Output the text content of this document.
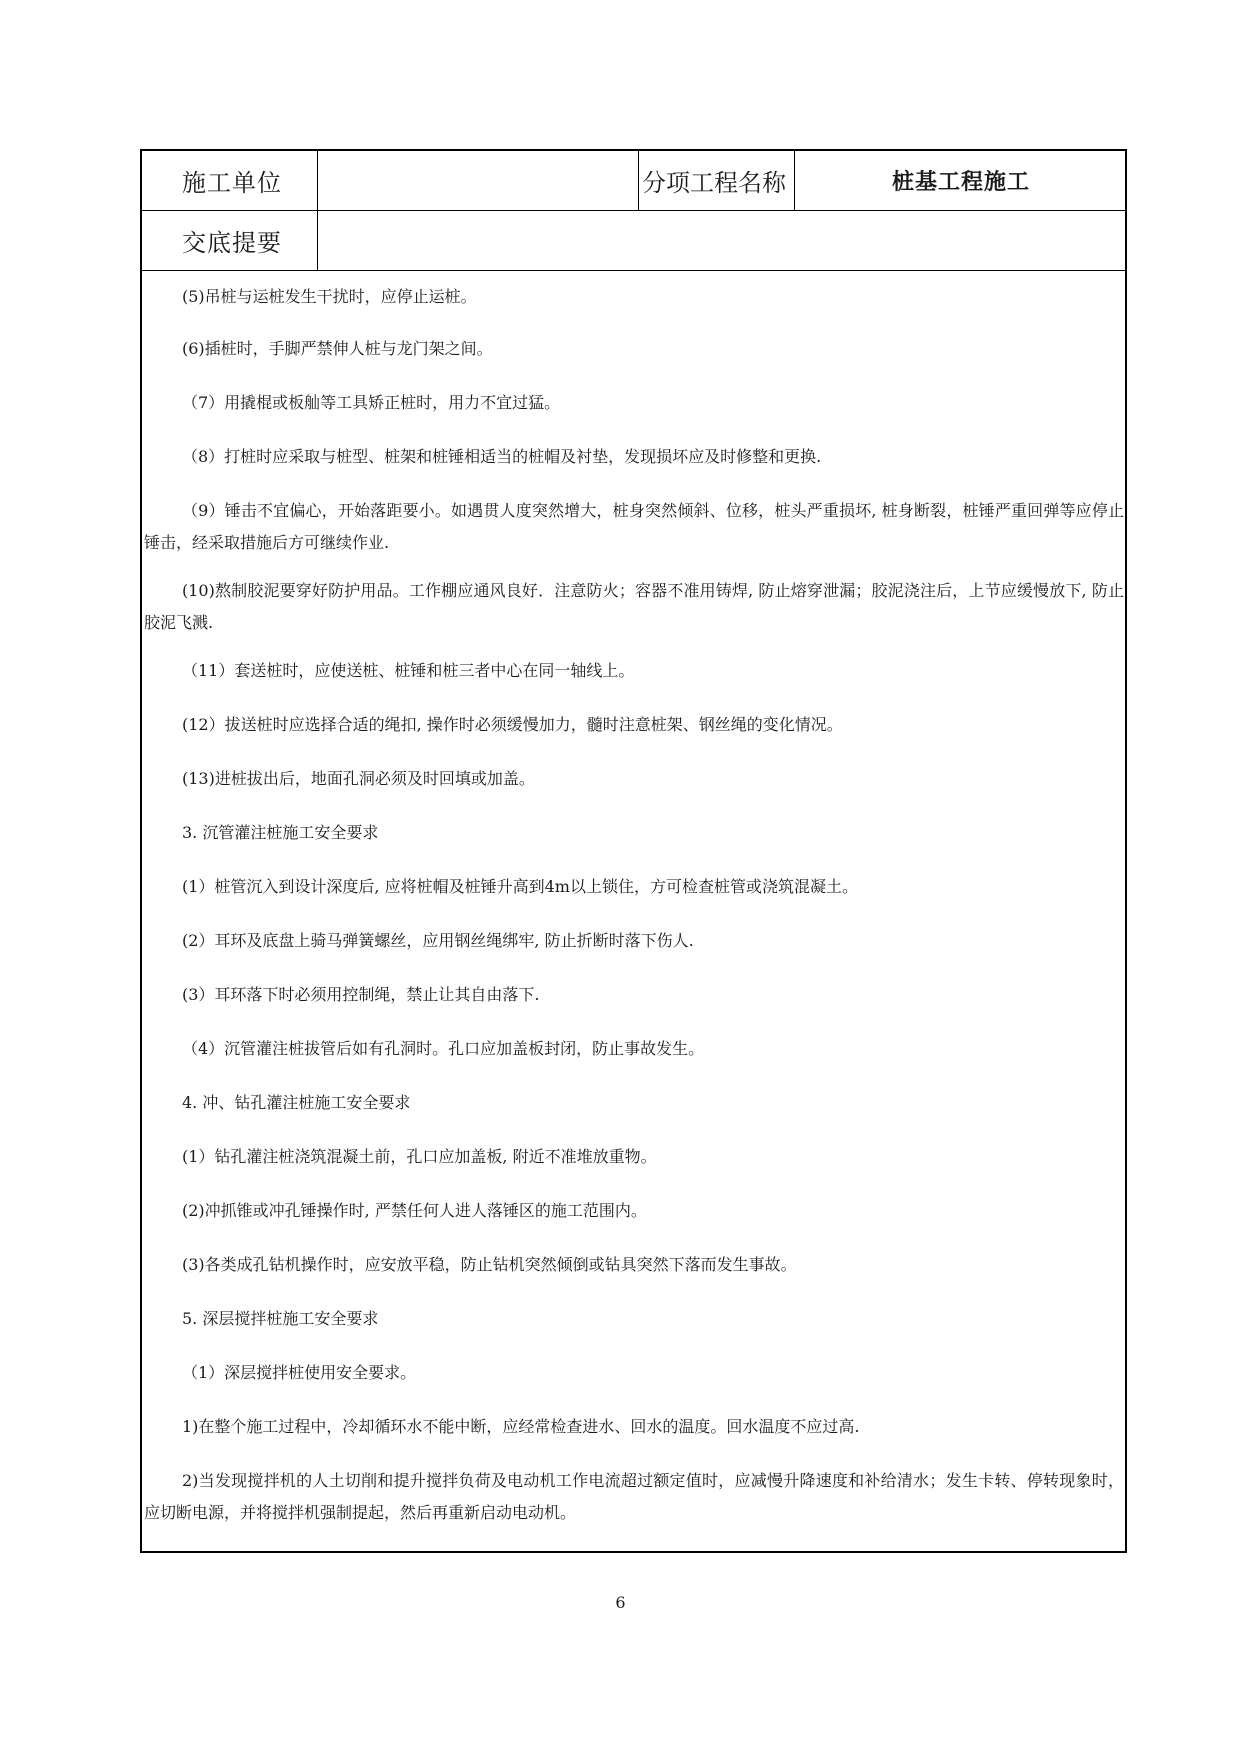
施工单位	分项工程名称	桩基工程施工
交底提要

(5)吊桩与运桩发生干扰时，应停止运桩。

(6)插桩时，手脚严禁伸人桩与龙门架之间。

（7）用撬棍或板舢等工具矫正桩时，用力不宜过猛。

（8）打桩时应采取与桩型、桩架和桩锤相适当的桩帽及衬垫，发现损坏应及时修整和更换.

（9）锤击不宜偏心，开始落距要小。如遇贯人度突然增大，桩身突然倾斜、位移，桩头严重损坏, 桩身断裂，桩锤严重回弹等应停止锤击，经采取措施后方可继续作业.

(10)熬制胶泥要穿好防护用品。工作棚应通风良好．注意防火；容器不准用铸焊, 防止熔穿泄漏；胶泥浇注后，上节应缓慢放下, 防止胶泥飞溅.

（11）套送桩时，应使送桩、桩锤和桩三者中心在同一轴线上。

(12）拔送桩时应选择合适的绳扣, 操作时必须缓慢加力，髓时注意桩架、钢丝绳的变化情况。

(13)进桩拔出后，地面孔洞必须及时回填或加盖。

3. 沉管灌注桩施工安全要求

(1）桩管沉入到设计深度后, 应将桩帽及桩锤升高到4m以上锁住，方可检查桩管或浇筑混凝土。

(2）耳环及底盘上骑马弹簧螺丝，应用钢丝绳绑牢, 防止折断时落下伤人.

(3）耳环落下时必须用控制绳，禁止让其自由落下.

（4）沉管灌注桩拔管后如有孔洞时。孔口应加盖板封闭，防止事故发生。

4. 冲、钻孔灌注桩施工安全要求

(1）钻孔灌注桩浇筑混凝土前，孔口应加盖板, 附近不准堆放重物。

(2)冲抓锥或冲孔锤操作时, 严禁任何人进人落锤区的施工范围内。

(3)各类成孔钻机操作时，应安放平稳，防止钻机突然倾倒或钻具突然下落而发生事故。

5. 深层搅拌桩施工安全要求

（1）深层搅拌桩使用安全要求。

1)在整个施工过程中，冷却循环水不能中断，应经常检查进水、回水的温度。回水温度不应过高.

2)当发现搅拌机的人土切削和提升搅拌负荷及电动机工作电流超过额定值时，应减慢升降速度和补给清水；发生卡转、停转现象时，应切断电源，并将搅拌机强制提起，然后再重新启动电动机。

6
